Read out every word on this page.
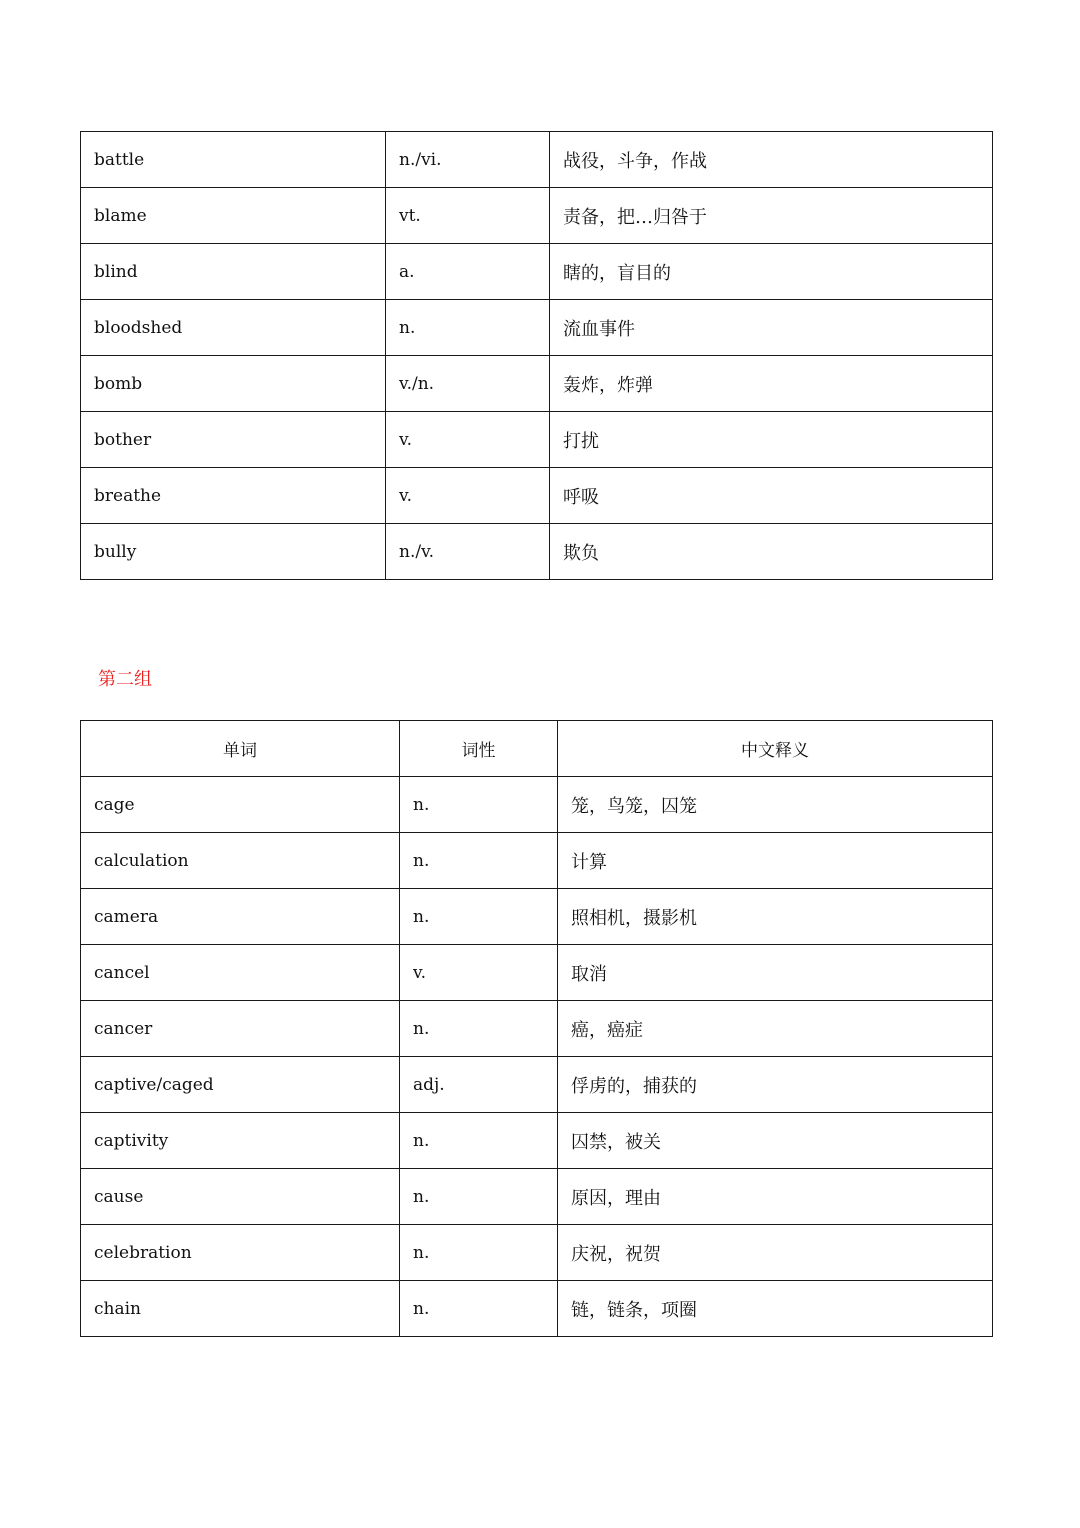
battle	n./vi.	战役，斗争，作战
blame	vt.	责备，把…归咎于
blind	a.	瞎的，盲目的
bloodshed	n.	流血事件
bomb	v./n.	轰炸，炸弹
bother	v.	打扰
breathe	v.	呼吸
bully	n./v.	欺负
第二组
单词	词性	中文释义
cage	n.	笼，鸟笼，囚笼
calculation	n.	计算
camera	n.	照相机，摄影机
cancel	v.	取消
cancer	n.	癌，癌症
captive/caged	adj.	俘虏的，捕获的
captivity	n.	囚禁，被关
cause	n.	原因，理由
celebration	n.	庆祝，祝贺
chain	n.	链，链条，项圈
